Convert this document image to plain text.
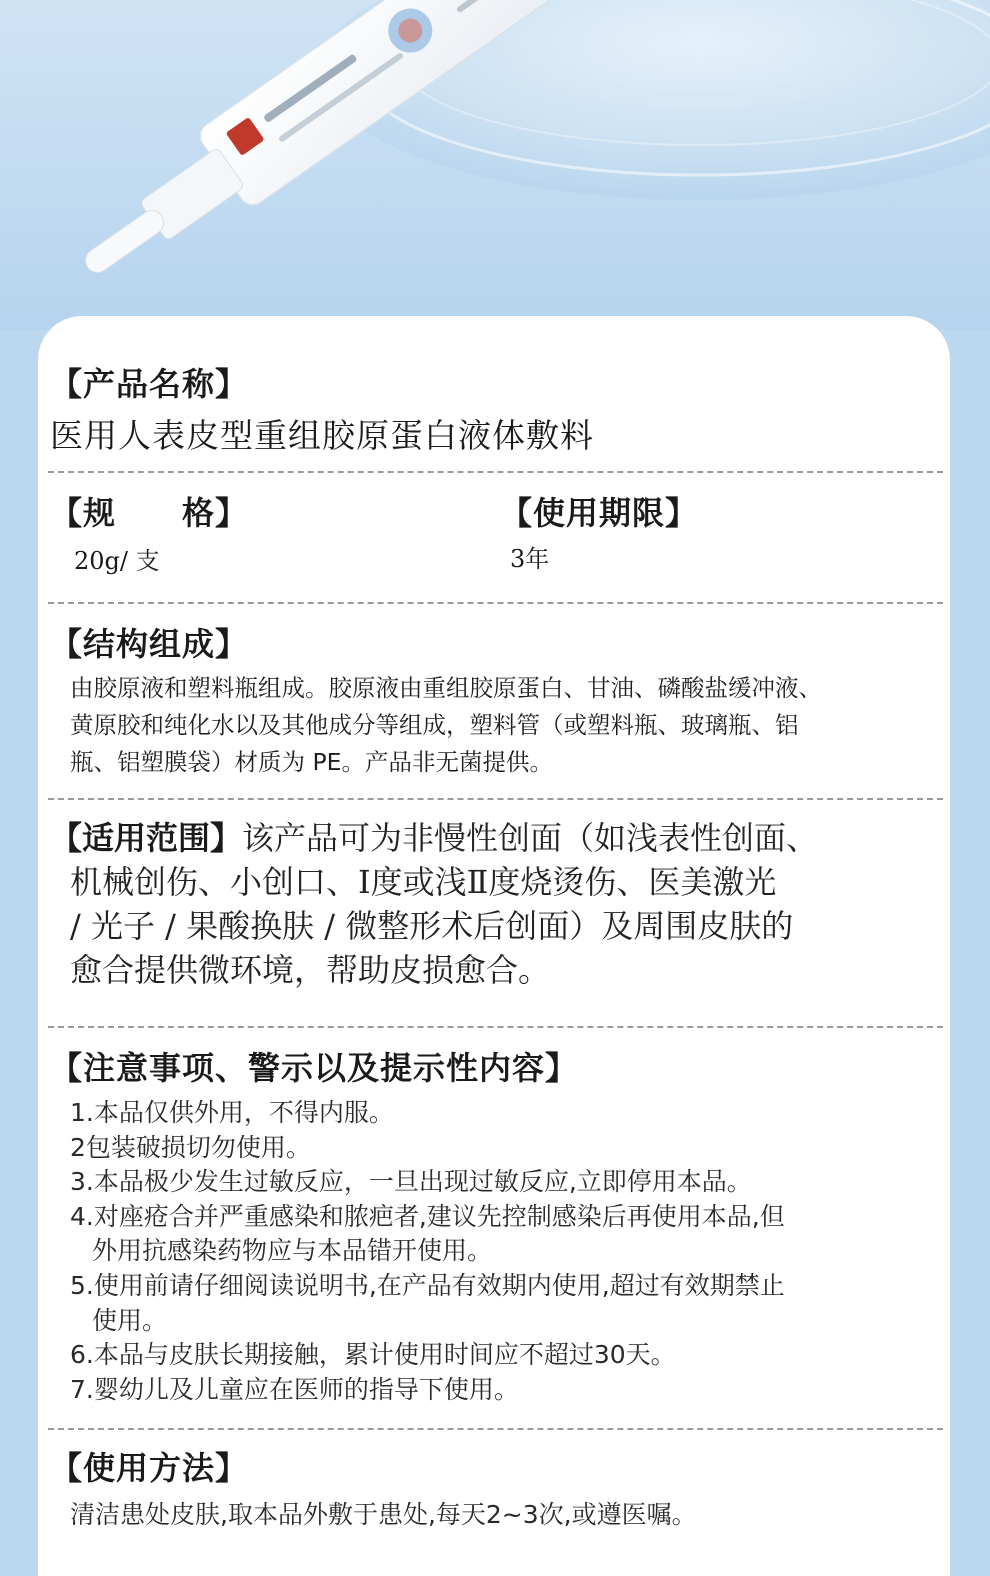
【产品名称】
医用人表皮型重组胶原蛋白液体敷料
【规　　格】
20g/ 支
【使用期限】
3年
【结构组成】
由胶原液和塑料瓶组成。胶原液由重组胶原蛋白、甘油、磷酸盐缓冲液、
黄原胶和纯化水以及其他成分等组成，塑料管（或塑料瓶、玻璃瓶、铝
瓶、铝塑膜袋）材质为 PE。产品非无菌提供。
【适用范围】该产品可为非慢性创面（如浅表性创面、
机械创伤、小创口、Ⅰ度或浅Ⅱ度烧烫伤、医美激光
/ 光子 / 果酸换肤 / 微整形术后创面）及周围皮肤的
愈合提供微环境，帮助皮损愈合。
【注意事项、警示以及提示性内容】
1.本品仅供外用，不得内服。
2包装破损切勿使用。
3.本品极少发生过敏反应，一旦出现过敏反应,立即停用本品。
4.对座疮合并严重感染和脓疤者,建议先控制感染后再使用本品,但
外用抗感染药物应与本品错开使用。
5.使用前请仔细阅读说明书,在产品有效期内使用,超过有效期禁止
使用。
6.本品与皮肤长期接触，累计使用时间应不超过30天。
7.婴幼儿及儿童应在医师的指导下使用。
【使用方法】
清洁患处皮肤,取本品外敷于患处,每天2~3次,或遵医嘱。
